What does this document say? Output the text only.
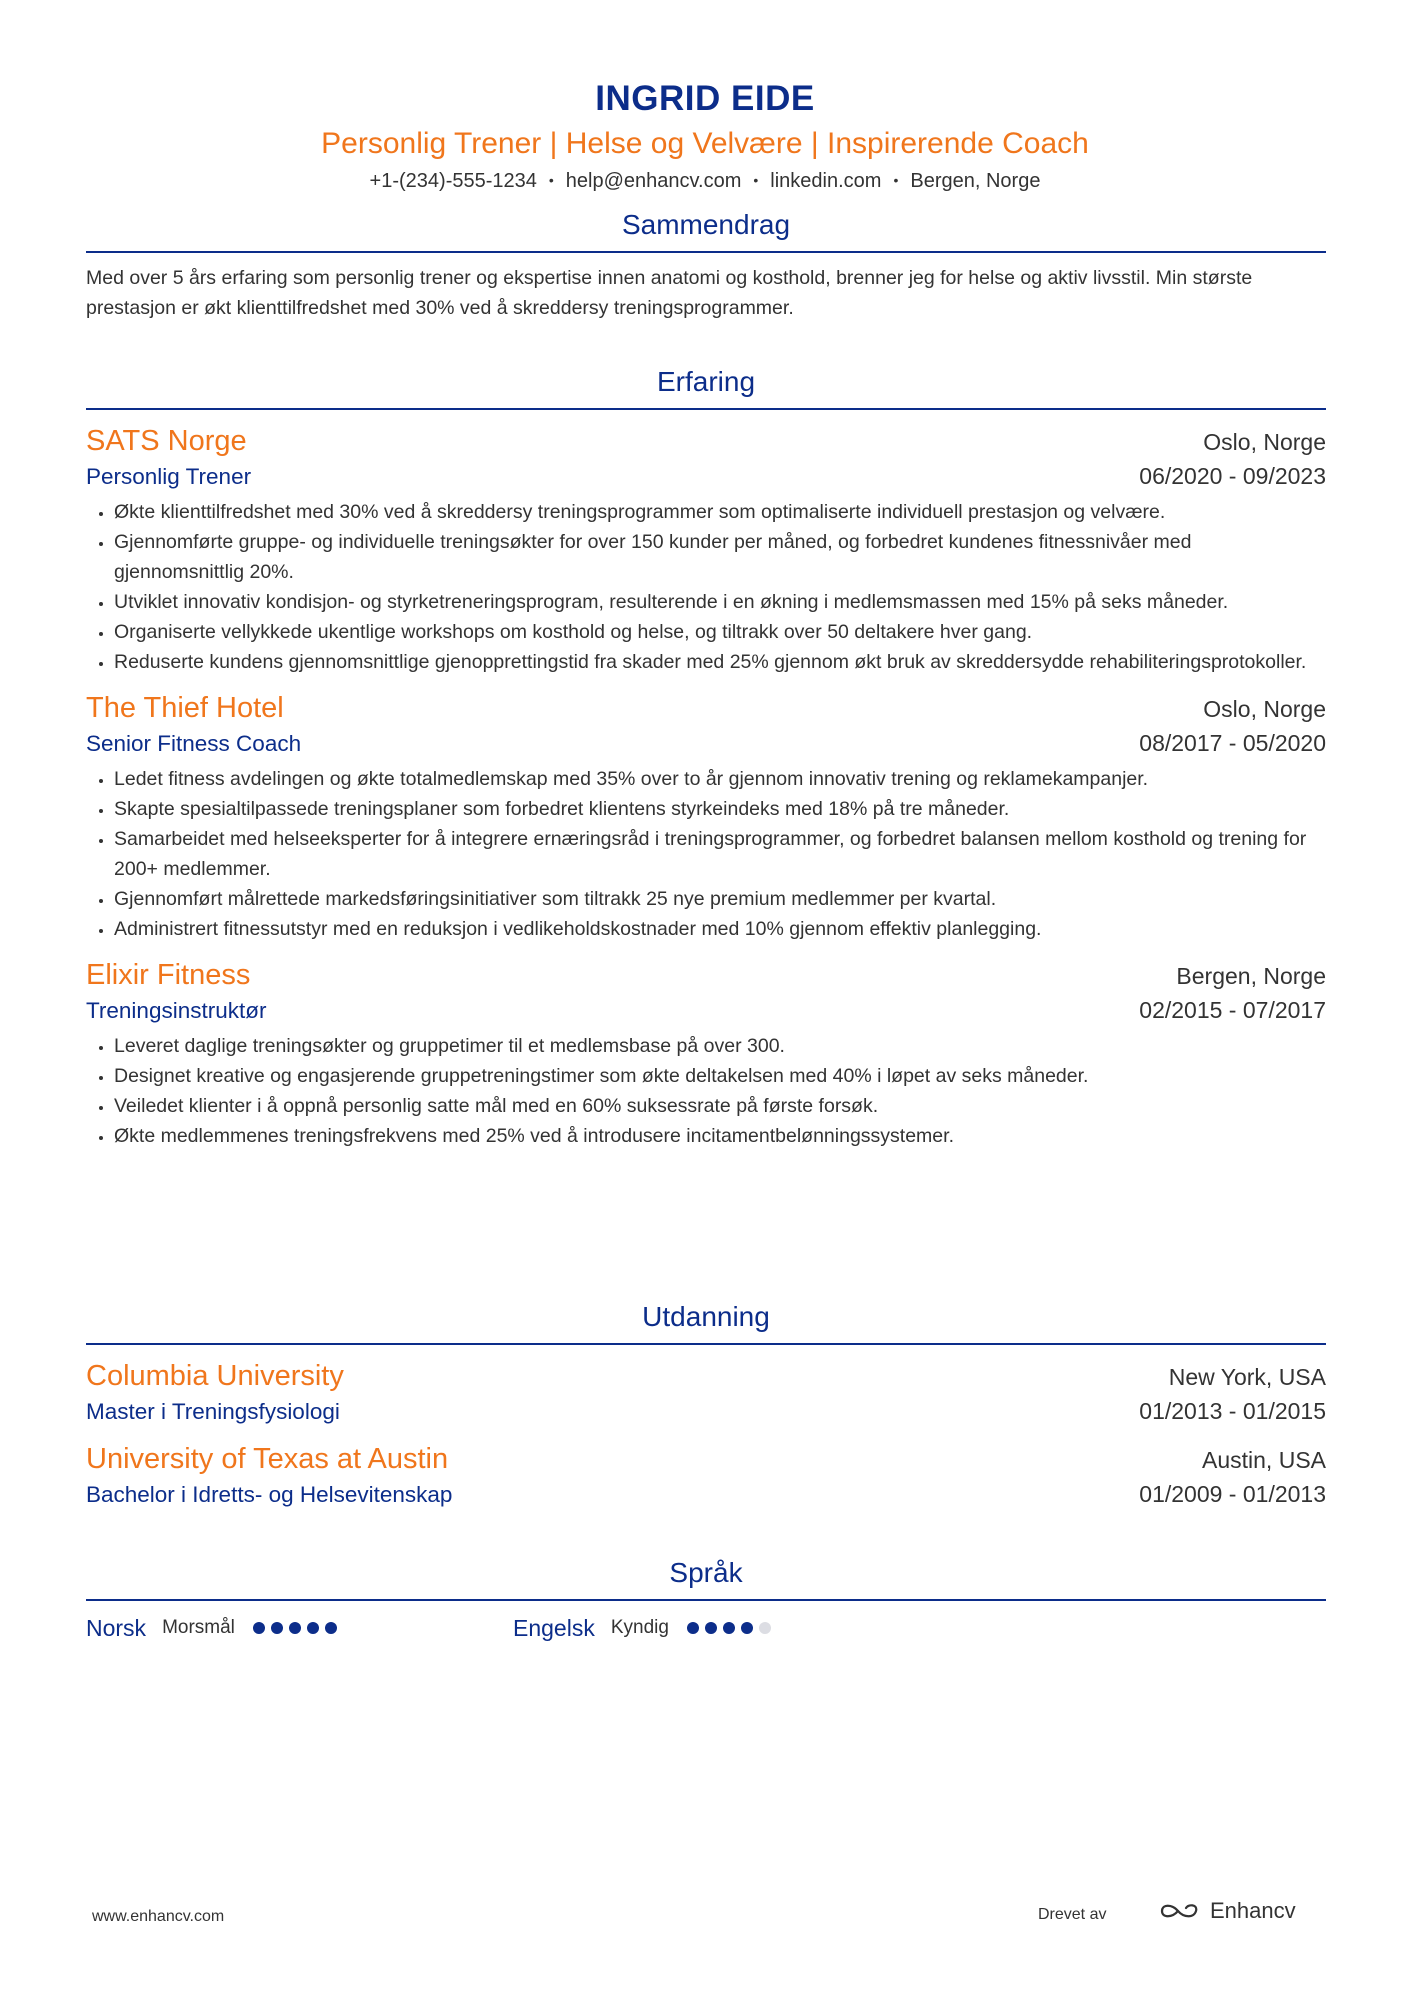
INGRID EIDE
Personlig Trener | Helse og Velvære | Inspirerende Coach
+1-(234)-555-1234 • help@enhancv.com • linkedin.com • Bergen, Norge
Sammendrag
Med over 5 års erfaring som personlig trener og ekspertise innen anatomi og kosthold, brenner jeg for helse og aktiv livsstil. Min største prestasjon er økt klienttilfredshet med 30% ved å skreddersy treningsprogrammer.
Erfaring
SATS Norge	Oslo, Norge
Personlig Trener	06/2020 - 09/2023
• Økte klienttilfredshet med 30% ved å skreddersy treningsprogrammer som optimaliserte individuell prestasjon og velvære.
• Gjennomførte gruppe- og individuelle treningsøkter for over 150 kunder per måned, og forbedret kundenes fitnessnivåer med gjennomsnittlig 20%.
• Utviklet innovativ kondisjon- og styrketreneringsprogram, resulterende i en økning i medlemsmassen med 15% på seks måneder.
• Organiserte vellykkede ukentlige workshops om kosthold og helse, og tiltrakk over 50 deltakere hver gang.
• Reduserte kundens gjennomsnittlige gjenopprettingstid fra skader med 25% gjennom økt bruk av skreddersydde rehabiliteringsprotokoller.
The Thief Hotel	Oslo, Norge
Senior Fitness Coach	08/2017 - 05/2020
• Ledet fitness avdelingen og økte totalmedlemskap med 35% over to år gjennom innovativ trening og reklamekampanjer.
• Skapte spesialtilpassede treningsplaner som forbedret klientens styrkeindeks med 18% på tre måneder.
• Samarbeidet med helseeksperter for å integrere ernæringsråd i treningsprogrammer, og forbedret balansen mellom kosthold og trening for 200+ medlemmer.
• Gjennomført målrettede markedsføringsinitiativer som tiltrakk 25 nye premium medlemmer per kvartal.
• Administrert fitnessutstyr med en reduksjon i vedlikeholdskostnader med 10% gjennom effektiv planlegging.
Elixir Fitness	Bergen, Norge
Treningsinstruktør	02/2015 - 07/2017
• Leveret daglige treningsøkter og gruppetimer til et medlemsbase på over 300.
• Designet kreative og engasjerende gruppetreningstimer som økte deltakelsen med 40% i løpet av seks måneder.
• Veiledet klienter i å oppnå personlig satte mål med en 60% suksessrate på første forsøk.
• Økte medlemmenes treningsfrekvens med 25% ved å introdusere incitamentbelønningssystemer.
Utdanning
Columbia University	New York, USA
Master i Treningsfysiologi	01/2013 - 01/2015
University of Texas at Austin	Austin, USA
Bachelor i Idretts- og Helsevitenskap	01/2009 - 01/2013
Språk
Norsk Morsmål	Engelsk Kyndig
www.enhancv.com	Drevet av	Enhancv
